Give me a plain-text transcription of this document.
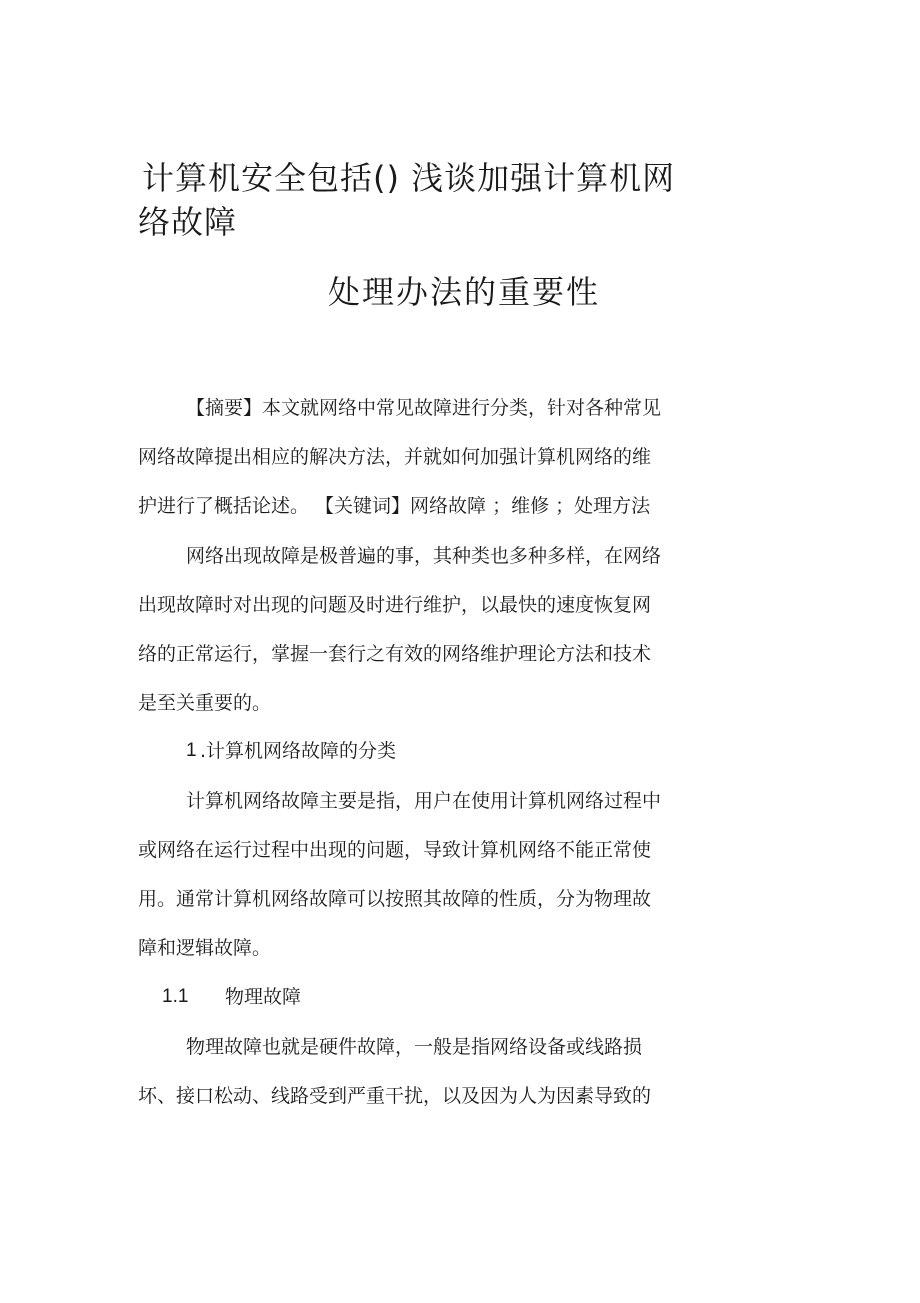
计算机安全包括() 浅谈加强计算机网
络故障
处理办法的重要性

【摘要】本文就网络中常见故障进行分类，针对各种常见

网络故障提出相应的解决方法，并就如何加强计算机网络的维

护进行了概括论述。 【关键词】网络故障 ；维修 ；处理方法

网络出现故障是极普遍的事，其种类也多种多样，在网络

出现故障时对出现的问题及时进行维护，以最快的速度恢复网

络的正常运行，掌握一套行之有效的网络维护理论方法和技术

是至关重要的。

1 .计算机网络故障的分类

计算机网络故障主要是指，用户在使用计算机网络过程中

或网络在运行过程中出现的问题，导致计算机网络不能正常使

用。通常计算机网络故障可以按照其故障的性质，分为物理故

障和逻辑故障。

1.1 物理故障

物理故障也就是硬件故障，一般是指网络设备或线路损

坏、接口松动、线路受到严重干扰，以及因为人为因素导致的
